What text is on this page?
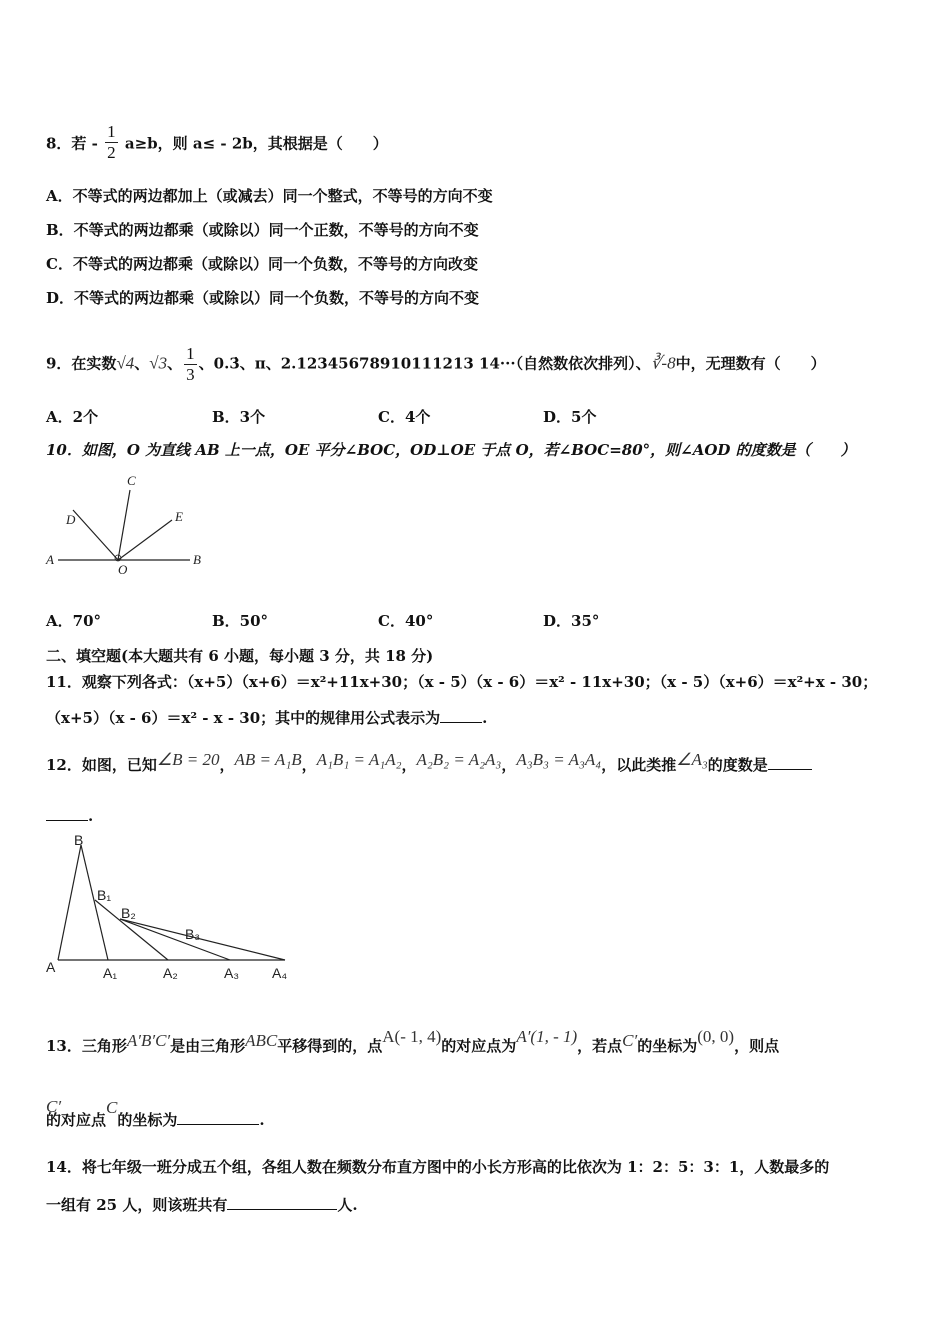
8．若 - $\frac{1}{2} a\ge b$，则 a≤ - 2b，其根据是（　　）
A．不等式的两边都加上（或减去）同一个整式，不等号的方向不变
B．不等式的两边都乘（或除以）同一个正数，不等号的方向不变
C．不等式的两边都乘（或除以）同一个负数，不等号的方向改变
D．不等式的两边都乘（或除以）同一个负数，不等号的方向不变
9．在实数√4、√3、 $\frac{1}{3}$ 、0.3̇、π、2.12345678910111213 14···（自然数依次排列）、∛-8中，无理数有（　　）
A．2个	B．3个	C．4个	D．5个
10．如图，O 为直线 AB 上一点，OE 平分∠BOC，OD⊥OE 于点 O，若∠BOC=80°，则∠AOD 的度数是（　　）
A	B
C
D	E
O
A．70°	B．50°	C．40°	D．35°
二、填空题(本大题共有 6 小题，每小题 3 分，共 18 分)
11．观察下列各式：（x+5）（x+6）＝x²+11x+30；（x - 5）（x - 6）＝x² - 11x+30；（x - 5）（x+6）＝x²+x - 30；
（x+5）（x - 6）＝x² - x - 30；其中的规律用公式表示为	.
12．如图，已知∠B = 20，AB = A₁B，A₁B₁ = A₁A₂，A₂B₂ = A₂A₃，A₃B₃ = A₃A₄，以此类推∠A₃的度数是
.
B
B₁
B₂
B₃
A	A₁	A₂	A₃ A₄
13．三角形A′B′C′是由三角形ABC平移得到的，点A(- 1, 4)的对应点为A′(1, - 1)，若点C′的坐标为(0, 0)，则点
C′
的对应点C的坐标为	.
14．将七年级一班分成五个组，各组人数在频数分布直方图中的小长方形高的比依次为 1：2：5：3：1，人数最多的
一组有 25 人，则该班共有	人.
